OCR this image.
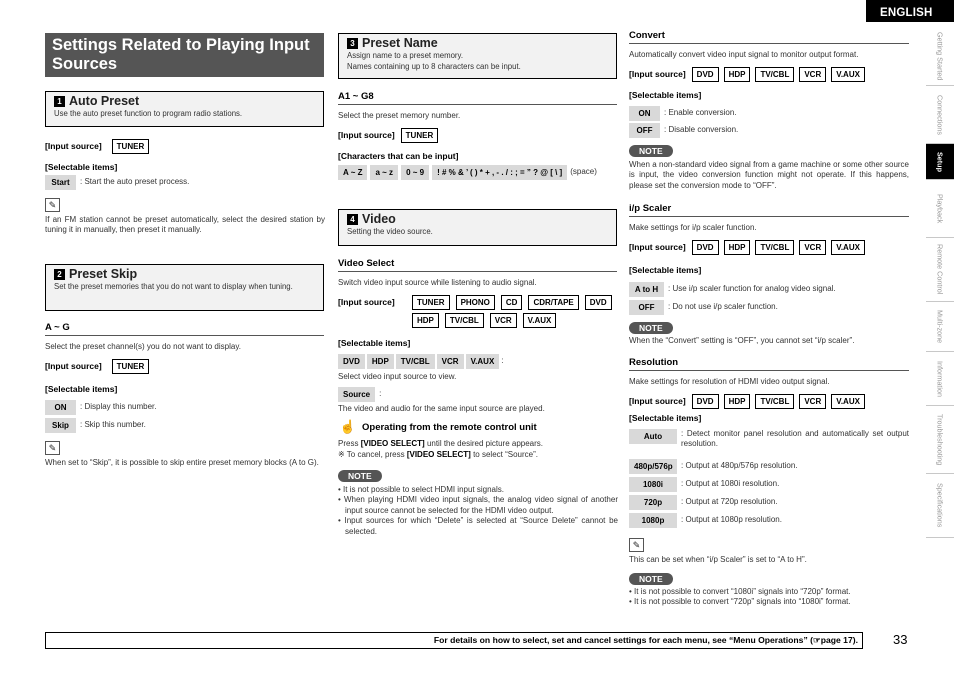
ENGLISH
Getting Started
Connections
Setup
Playback
Remote Control
Multi-zone
Information
Troubleshooting
Specifications
Settings Related to Playing Input Sources
1 Auto Preset
Use the auto preset function to program radio stations.
[Input source]	TUNER
[Selectable items]
Start	: Start the auto preset process.
✎
If an FM station cannot be preset automatically, select the desired station by tuning it in manually, then preset it manually.
2 Preset Skip
Set the preset memories that you do not want to display when tuning.
A ~ G
Select the preset channel(s) you do not want to display.
[Input source]	TUNER
[Selectable items]
ON	: Display this number.
Skip	: Skip this number.
✎
When set to “Skip”, it is possible to skip entire preset memory blocks (A to G).
3 Preset Name
Assign name to a preset memory.
Names containing up to 8 characters can be input.
A1 ~ G8
Select the preset memory number.
[Input source]	TUNER
[Characters that can be input]
A ~ Z	a ~ z	0 ~ 9	! # % & ’ ( ) * + , - . / : ; = ” ? @ [ \ ]	(space)
4 Video
Setting the video source.
Video Select
Switch video input source while listening to audio signal.
[Input source]	TUNER	PHONO	CD	CDR/TAPE	DVD
HDP	TV/CBL	VCR	V.AUX
[Selectable items]
DVD	HDP	TV/CBL	VCR	V.AUX :
Select video input source to view.
Source	:
The video and audio for the same input source are played.
☝ Operating from the remote control unit
Press [VIDEO SELECT] until the desired picture appears.
※ To cancel, press [VIDEO SELECT] to select “Source”.
NOTE
• It is not possible to select HDMI input signals.
• When playing HDMI video input signals, the analog video signal of another input source cannot be selected for the HDMI video output.
• Input sources for which “Delete” is selected at “Source Delete” cannot be selected.
Convert
Automatically convert video input signal to monitor output format.
[Input source]	DVD	HDP	TV/CBL	VCR	V.AUX
[Selectable items]
ON	: Enable conversion.
OFF	: Disable conversion.
NOTE
When a non-standard video signal from a game machine or some other source is input, the video conversion function might not operate. If this happens, please set the conversion mode to “OFF”.
i/p Scaler
Make settings for i/p scaler function.
[Input source]	DVD	HDP	TV/CBL	VCR	V.AUX
[Selectable items]
A to H	: Use i/p scaler function for analog video signal.
OFF	: Do not use i/p scaler function.
NOTE
When the “Convert” setting is “OFF”, you cannot set “i/p scaler”.
Resolution
Make settings for resolution of HDMI video output signal.
[Input source]	DVD	HDP	TV/CBL	VCR	V.AUX
[Selectable items]
Auto	: Detect monitor panel resolution and automatically set output resolution.
480p/576p	: Output at 480p/576p resolution.
1080i	: Output at 1080i resolution.
720p	: Output at 720p resolution.
1080p	: Output at 1080p resolution.
✎
This can be set when “i/p Scaler” is set to “A to H”.
NOTE
• It is not possible to convert “1080i” signals into “720p” format.
• It is not possible to convert “720p” signals into “1080i” format.
For details on how to select, set and cancel settings for each menu, see “Menu Operations” (☞page 17).	33
